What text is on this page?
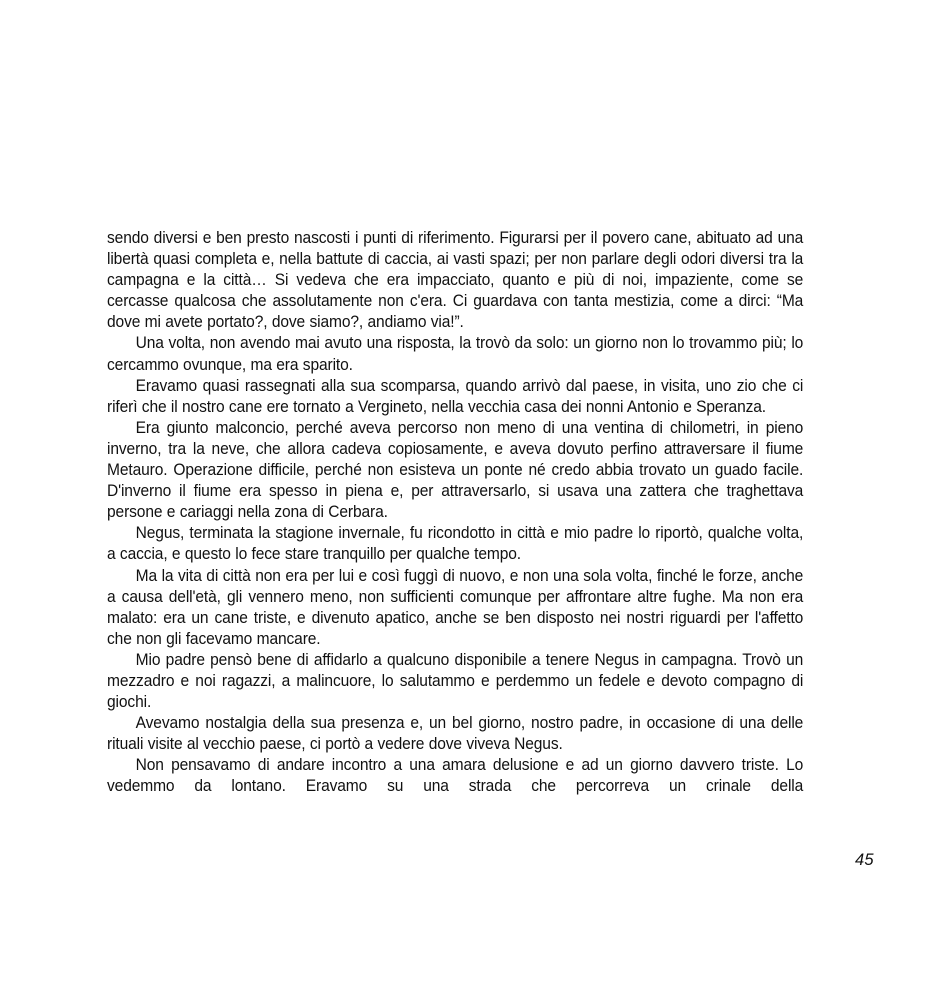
sendo diversi e ben presto nascosti i punti di riferimento. Figurarsi per il povero cane, abituato ad una libertà quasi completa e, nella battute di caccia, ai vasti spazi; per non parlare degli odori diversi tra la campagna e la città… Si vedeva che era impacciato, quanto e più di noi, impaziente, come se cercasse qualcosa che assolutamente non c'era. Ci guardava con tanta mestizia, come a dirci: “Ma dove mi avete portato?, dove siamo?, andiamo via!”.

Una volta, non avendo mai avuto una risposta, la trovò da solo: un giorno non lo trovammo più; lo cercammo ovunque, ma era sparito.

Eravamo quasi rassegnati alla sua scomparsa, quando arrivò dal paese, in visita, uno zio che ci riferì che il nostro cane ere tornato a Vergineto, nella vecchia casa dei nonni Antonio e Speranza.

Era giunto malconcio, perché aveva percorso non meno di una ventina di chilometri, in pieno inverno, tra la neve, che allora cadeva copiosamente, e aveva dovuto perfino attraversare il fiume Metauro. Operazione difficile, perché non esisteva un ponte né credo abbia trovato un guado facile. D'inverno il fiume era spesso in piena e, per attraversarlo, si usava una zattera che traghettava persone e cariaggi nella zona di Cerbara.

Negus, terminata la stagione invernale, fu ricondotto in città e mio padre lo riportò, qualche volta, a caccia, e questo lo fece stare tranquillo per qualche tempo.

Ma la vita di città non era per lui e così fuggì di nuovo, e non una sola volta, finché le forze, anche a causa dell'età, gli vennero meno, non sufficienti comunque per affrontare altre fughe. Ma non era malato: era un cane triste, e divenuto apatico, anche se ben disposto nei nostri riguardi per l'affetto che non gli facevamo mancare.

Mio padre pensò bene di affidarlo a qualcuno disponibile a tenere Negus in campagna. Trovò un mezzadro e noi ragazzi, a malincuore, lo salutammo e perdemmo un fedele e devoto compagno di giochi.

Avevamo nostalgia della sua presenza e, un bel giorno, nostro padre, in occasione di una delle rituali visite al vecchio paese, ci portò a vedere dove viveva Negus.

Non pensavamo di andare incontro a una amara delusione e ad un giorno davvero triste. Lo vedemmo da lontano. Eravamo su una strada che percorreva un crinale della

45
